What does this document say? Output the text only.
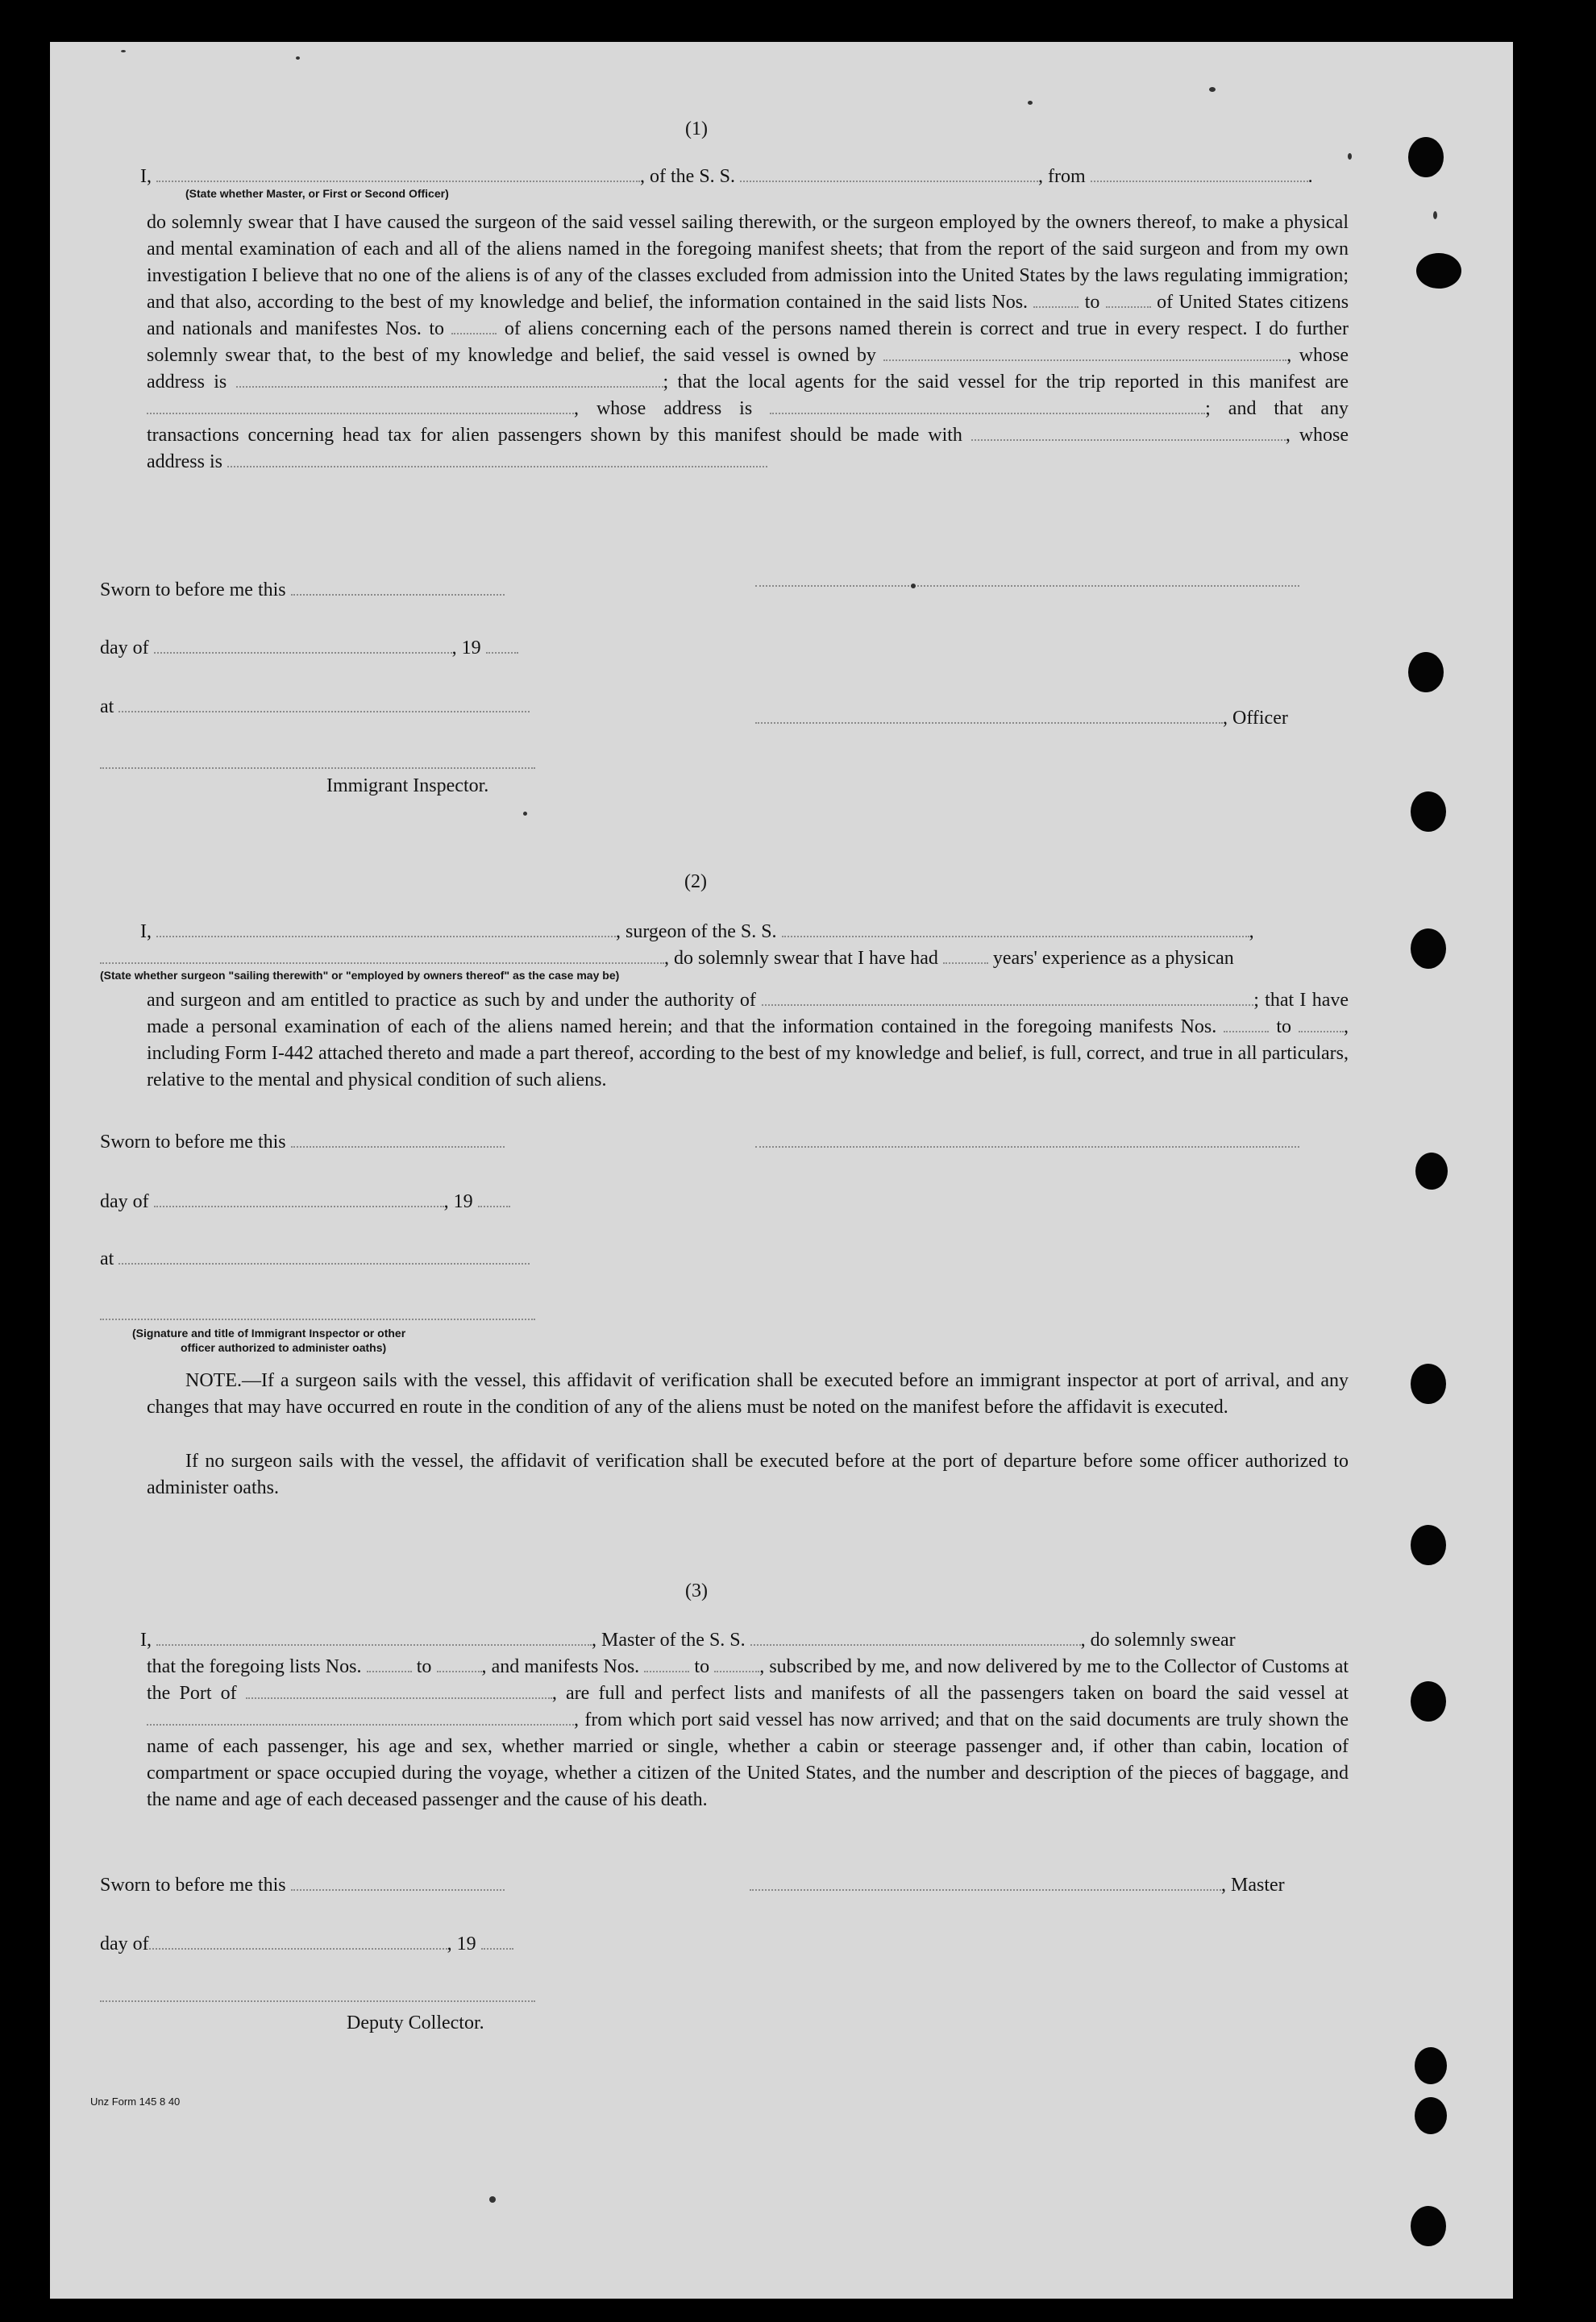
(1)
I,	, of the S. S.	, from	.
(State whether Master, or First or Second Officer)
do solemnly swear that I have caused the surgeon of the said vessel sailing therewith, or the surgeon employed by the owners thereof, to make a physical and mental examination of each and all of the aliens named in the foregoing manifest sheets; that from the report of the said surgeon and from my own investigation I believe that no one of the aliens is of any of the classes excluded from admission into the United States by the laws regulating immigration; and that also, according to the best of my knowledge and belief, the information contained in the said lists Nos.	to	of United States citizens and nationals and manifestes Nos. to	of aliens concerning each of the persons named therein is correct and true in every respect. I do further solemnly swear that, to the best of my knowledge and belief, the said vessel is owned by	, whose address is	; that the local agents for the said vessel for the trip reported in this manifest are , whose address is	; and that any transactions concerning head tax for alien passengers shown by this manifest should be made with	, whose address is
Sworn to before me this
day of	, 19
at
, Officer
Immigrant Inspector.
(2)
I,	, surgeon of the S. S.	,
, do solemnly swear that I have had	years' experience as a physican
(State whether surgeon "sailing therewith" or "employed by owners thereof" as the case may be)
and surgeon and am entitled to practice as such by and under the authority of	; that I have made a personal examination of each of the aliens named herein; and that the information contained in the foregoing manifests Nos.	to	, including Form I-442 attached thereto and made a part thereof, according to the best of my knowledge and belief, is full, correct, and true in all particulars, relative to the mental and physical condition of such aliens.
Sworn to before me this
day of	, 19
at
(Signature and title of Immigrant Inspector or other
officer authorized to administer oaths)
NOTE.—If a surgeon sails with the vessel, this affidavit of verification shall be executed before an immigrant inspector at port of arrival, and any changes that may have occurred en route in the condition of any of the aliens must be noted on the manifest before the affidavit is executed.
If no surgeon sails with the vessel, the affidavit of verification shall be executed before at the port of departure before some officer authorized to administer oaths.
(3)
I,	, Master of the S. S.	, do solemnly swear
that the foregoing lists Nos.	to	, and manifests Nos.	to	, subscribed by me, and now delivered by me to the Collector of Customs at the Port of	, are full and perfect lists and manifests of all the passengers taken on board the said vessel at , from which port said vessel has now arrived; and that on the said documents are truly shown the name of each passenger, his age and sex, whether married or single, whether a cabin or steerage passenger and, if other than cabin, location of compartment or space occupied during the voyage, whether a citizen of the United States, and the number and description of the pieces of baggage, and the name and age of each deceased passenger and the cause of his death.
Sworn to before me this	, Master
day of	, 19
Deputy Collector.
Unz Form 145 8 40
